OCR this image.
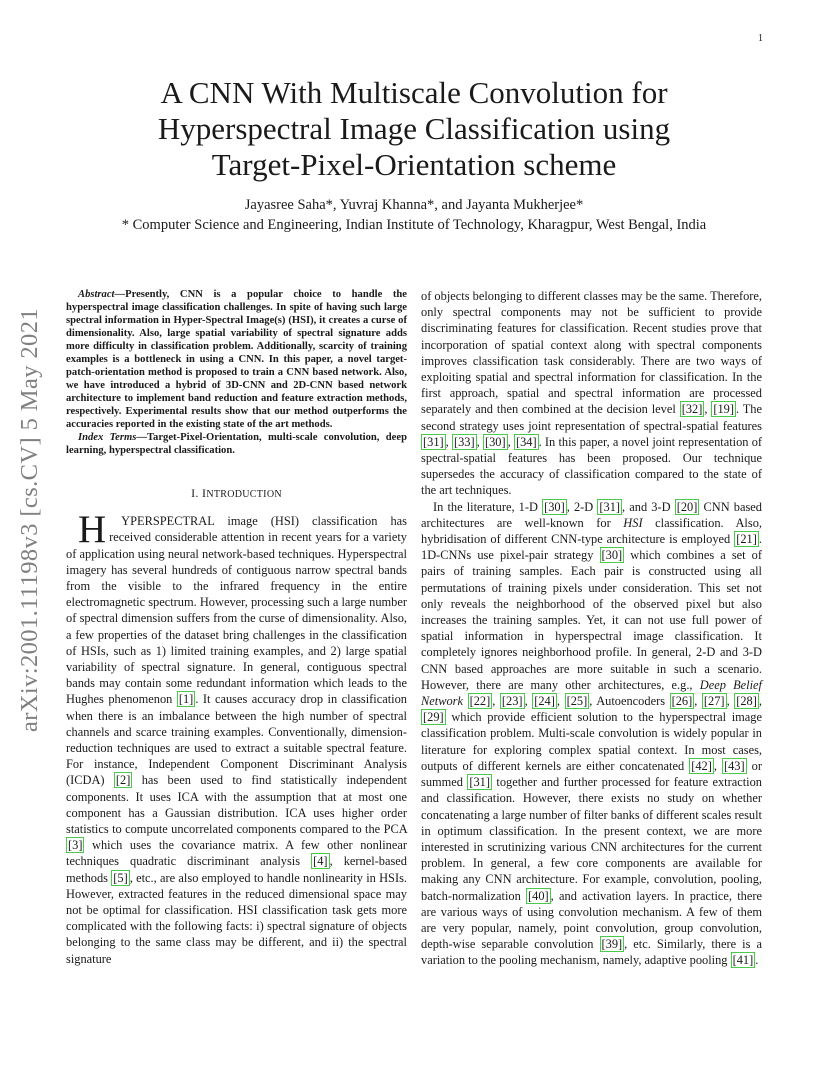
1
arXiv:2001.11198v3 [cs.CV] 5 May 2021
A CNN With Multiscale Convolution for
Hyperspectral Image Classification using
Target-Pixel-Orientation scheme
Jayasree Saha*, Yuvraj Khanna*, and Jayanta Mukherjee*
* Computer Science and Engineering, Indian Institute of Technology, Kharagpur, West Bengal, India

Abstract—Presently, CNN is a popular choice to handle the hyperspectral image classification challenges. In spite of having such large spectral information in Hyper-Spectral Image(s) (HSI), it creates a curse of dimensionality. Also, large spatial variability of spectral signature adds more difficulty in classification problem. Additionally, scarcity of training examples is a bottleneck in using a CNN. In this paper, a novel target-patch-orientation method is proposed to train a CNN based network. Also, we have introduced a hybrid of 3D-CNN and 2D-CNN based network architecture to implement band reduction and feature extraction methods, respectively. Experimental results show that our method outperforms the accuracies reported in the existing state of the art methods.

Index Terms—Target-Pixel-Orientation, multi-scale convolution, deep learning, hyperspectral classification.

I. INTRODUCTION

H YPERSPECTRAL image (HSI) classification has received considerable attention in recent years for a variety of application using neural network-based techniques. Hyperspectral imagery has several hundreds of contiguous narrow spectral bands from the visible to the infrared frequency in the entire electromagnetic spectrum. However, processing such a large number of spectral dimension suffers from the curse of dimensionality. Also, a few properties of the dataset bring challenges in the classification of HSIs, such as 1) limited training examples, and 2) large spatial variability of spectral signature. In general, contiguous spectral bands may contain some redundant information which leads to the Hughes phenomenon [1] . It causes accuracy drop in classification when there is an imbalance between the high number of spectral channels and scarce training examples. Conventionally, dimension-reduction techniques are used to extract a suitable spectral feature. For instance, Independent Component Discriminant Analysis (ICDA) [2] has been used to find statistically independent components. It uses ICA with the assumption that at most one component has a Gaussian distribution. ICA uses higher order statistics to compute uncorrelated components compared to the PCA [3] which uses the covariance matrix. A few other nonlinear techniques quadratic discriminant analysis [4] , kernel-based methods [5] , etc., are also employed to handle nonlinearity in HSIs. However, extracted features in the reduced dimensional space may not be optimal for classification. HSI classification task gets more complicated with the following facts: i) spectral signature of objects belonging to the same class may be different, and ii) the spectral signature

of objects belonging to different classes may be the same. Therefore, only spectral components may not be sufficient to provide discriminating features for classification. Recent studies prove that incorporation of spatial context along with spectral components improves classification task considerably. There are two ways of exploiting spatial and spectral information for classification. In the first approach, spatial and spectral information are processed separately and then combined at the decision level [32] , [19] . The second strategy uses joint representation of spectral-spatial features [31] , [33] , [30] , [34] . In this paper, a novel joint representation of spectral-spatial features has been proposed. Our technique supersedes the accuracy of classification compared to the state of the art techniques.

In the literature, 1-D [30] , 2-D [31] , and 3-D [20] CNN based architectures are well-known for HSI classification. Also, hybridisation of different CNN-type architecture is employed [21] . 1D-CNNs use pixel-pair strategy [30] which combines a set of pairs of training samples. Each pair is constructed using all permutations of training pixels under consideration. This set not only reveals the neighborhood of the observed pixel but also increases the training samples. Yet, it can not use full power of spatial information in hyperspectral image classification. It completely ignores neighborhood profile. In general, 2-D and 3-D CNN based approaches are more suitable in such a scenario. However, there are many other architectures, e.g., Deep Belief Network [22] , [23] , [24] , [25] , Autoencoders [26] , [27] , [28] , [29] which provide efficient solution to the hyperspectral image classification problem. Multi-scale convolution is widely popular in literature for exploring complex spatial context. In most cases, outputs of different kernels are either concatenated [42] , [43] or summed [31] together and further processed for feature extraction and classification. However, there exists no study on whether concatenating a large number of filter banks of different scales result in optimum classification. In the present context, we are more interested in scrutinizing various CNN architectures for the current problem. In general, a few core components are available for making any CNN architecture. For example, convolution, pooling, batch-normalization [40] , and activation layers. In practice, there are various ways of using convolution mechanism. A few of them are very popular, namely, point convolution, group convolution, depth-wise separable convolution [39] , etc. Similarly, there is a variation to the pooling mechanism, namely, adaptive pooling [41] .
